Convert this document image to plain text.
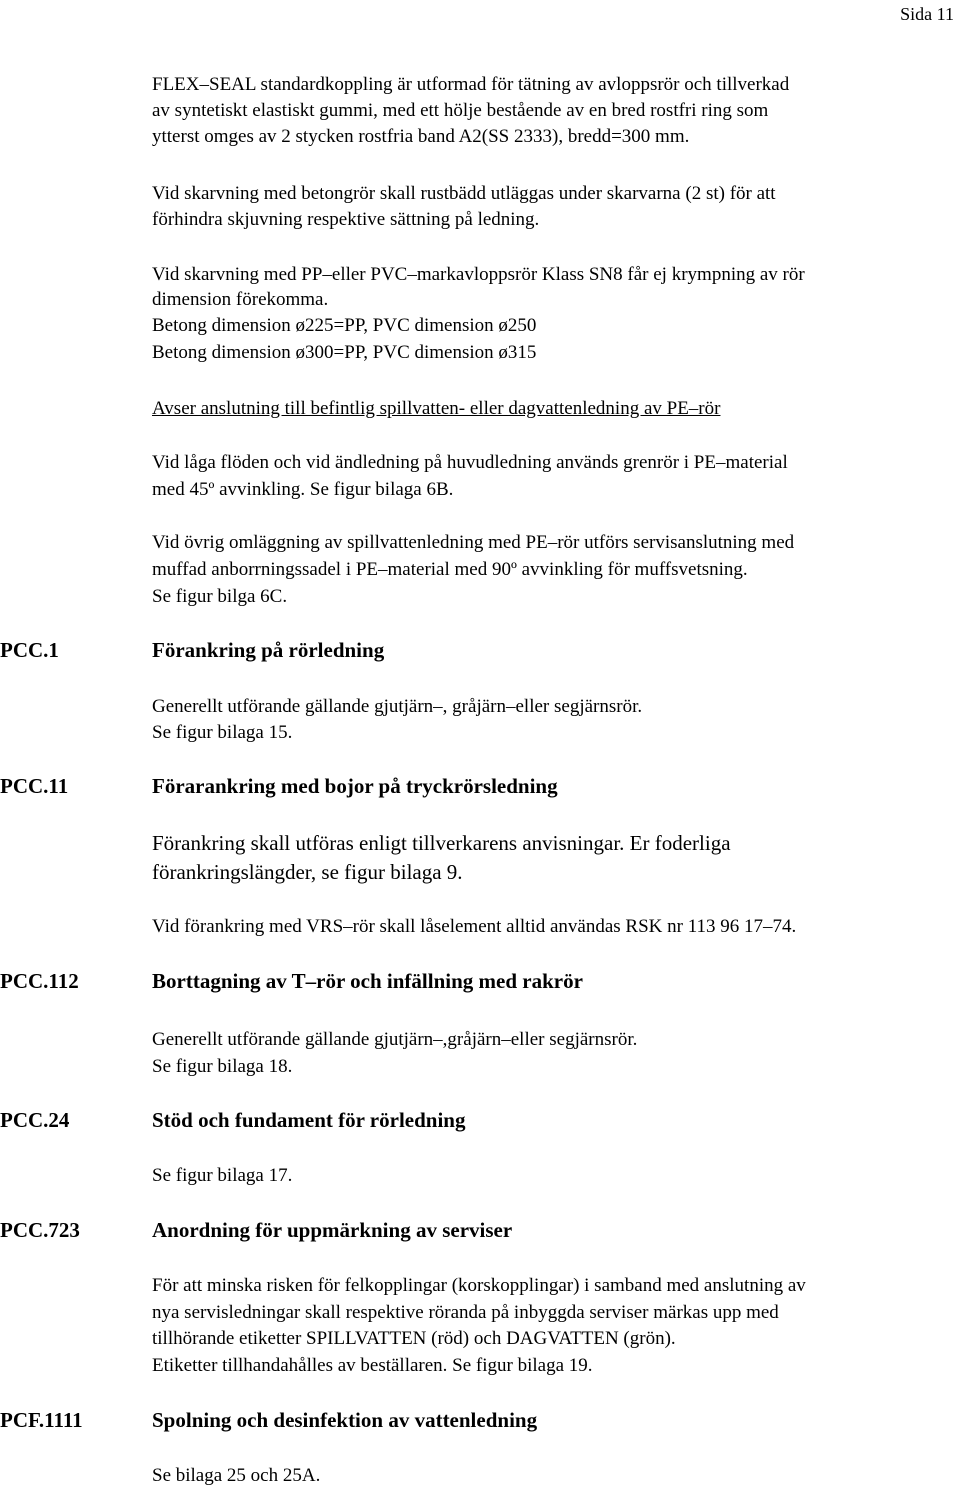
Sida 11
FLEX–SEAL standardkoppling är utformad för tätning av avloppsrör och tillverkad
av syntetiskt elastiskt gummi, med ett hölje bestående av en bred rostfri ring som
ytterst omges av 2 stycken rostfria band A2(SS 2333), bredd=300 mm.
Vid skarvning med betongrör skall rustbädd utläggas under skarvarna (2 st) för att
förhindra skjuvning respektive sättning på ledning.
Vid skarvning med PP–eller PVC–markavloppsrör Klass SN8 får ej krympning av rör
dimension förekomma.
Betong dimension ø225=PP, PVC dimension ø250
Betong dimension ø300=PP, PVC dimension ø315
Avser anslutning till befintlig spillvatten- eller dagvattenledning av PE–rör
Vid låga flöden och vid ändledning på huvudledning används grenrör i PE–material
med 45º avvinkling. Se figur bilaga 6B.
Vid övrig omläggning av spillvattenledning med PE–rör utförs servisanslutning med
muffad anborrningssadel i PE–material med 90º avvinkling för muffsvetsning.
Se figur bilga 6C.
PCC.1	Förankring på rörledning
Generellt utförande gällande gjutjärn–, gråjärn–eller segjärnsrör.
Se figur bilaga 15.
PCC.11	Förarankring med bojor på tryckrörsledning
Förankring skall utföras enligt tillverkarens anvisningar. Er foderliga
förankringslängder, se figur bilaga 9.
Vid förankring med VRS–rör skall låselement alltid användas RSK nr 113 96 17–74.
PCC.112	Borttagning av T–rör och infällning med rakrör
Generellt utförande gällande gjutjärn–,gråjärn–eller segjärnsrör.
Se figur bilaga 18.
PCC.24	Stöd och fundament för rörledning
Se figur bilaga 17.
PCC.723	Anordning för uppmärkning av serviser
För att minska risken för felkopplingar (korskopplingar) i samband med anslutning av
nya servisledningar skall respektive röranda på inbyggda serviser märkas upp med
tillhörande etiketter SPILLVATTEN (röd) och DAGVATTEN (grön).
Etiketter tillhandahålles av beställaren. Se figur bilaga 19.
PCF.1111	Spolning och desinfektion av vattenledning
Se bilaga 25 och 25A.
